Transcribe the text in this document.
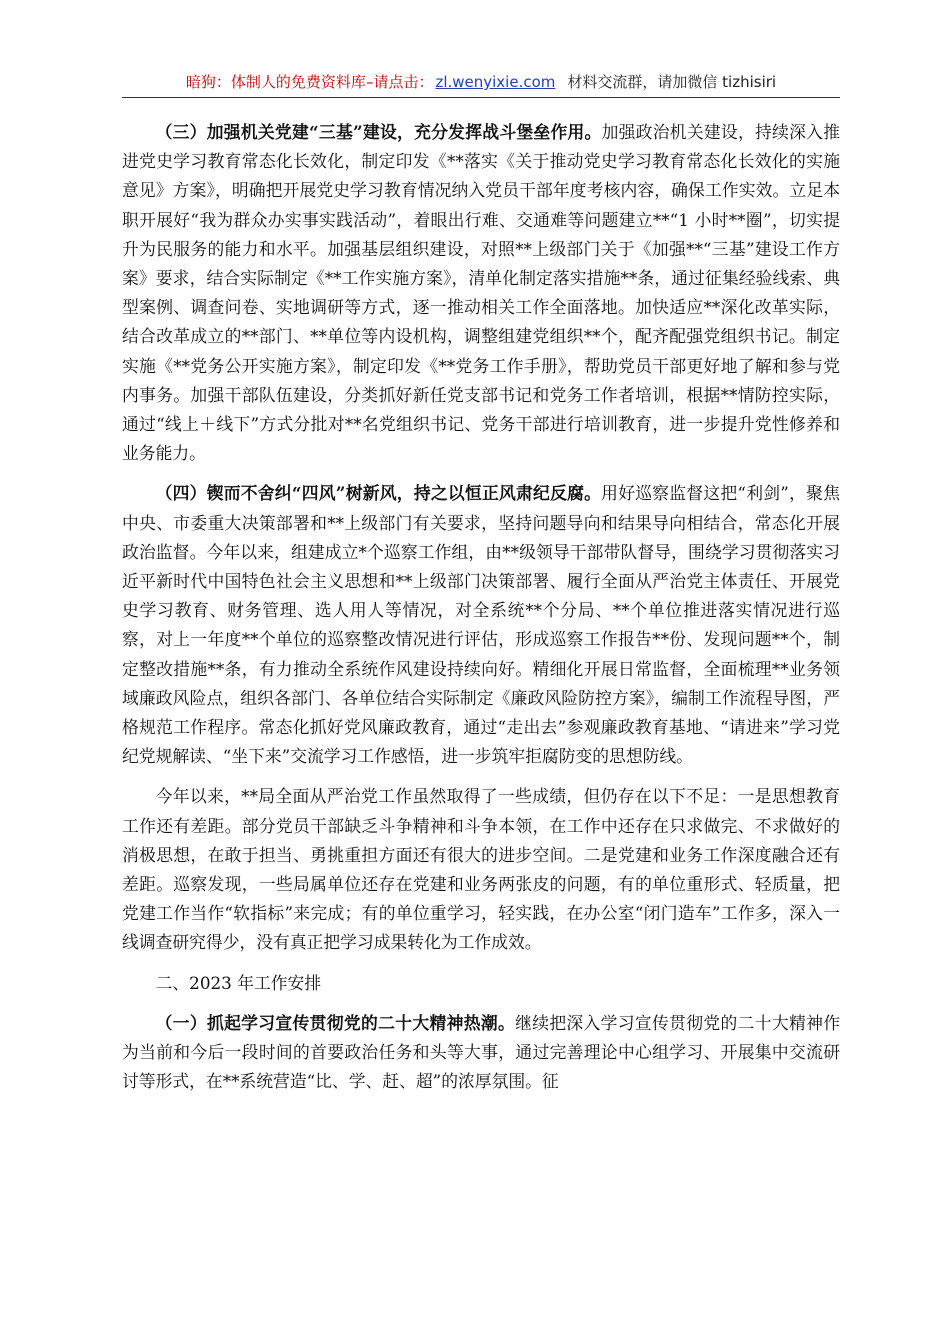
暗狗：体制人的免费资料库–请点击： zl.wenyixie.com 材料交流群，请加微信 tizhisiri

（三）加强机关党建“三基”建设，充分发挥战斗堡垒作用。加强政治机关建设，持续深入推进党史学习教育常态化长效化，制定印发《**落实《关于推动党史学习教育常态化长效化的实施意见》方案》，明确把开展党史学习教育情况纳入党员干部年度考核内容，确保工作实效。立足本职开展好“我为群众办实事实践活动”，着眼出行难、交通难等问题建立**“1 小时**圈”，切实提升为民服务的能力和水平。加强基层组织建设，对照**上级部门关于《加强**“三基”建设工作方案》要求，结合实际制定《**工作实施方案》，清单化制定落实措施**条，通过征集经验线索、典型案例、调查问卷、实地调研等方式，逐一推动相关工作全面落地。加快适应**深化改革实际，结合改革成立的**部门、**单位等内设机构，调整组建党组织**个，配齐配强党组织书记。制定实施《**党务公开实施方案》，制定印发《**党务工作手册》，帮助党员干部更好地了解和参与党内事务。加强干部队伍建设，分类抓好新任党支部书记和党务工作者培训，根据**情防控实际，通过“线上＋线下”方式分批对**名党组织书记、党务干部进行培训教育，进一步提升党性修养和业务能力。

（四）锲而不舍纠“四风”树新风，持之以恒正风肃纪反腐。用好巡察监督这把“利剑”，聚焦中央、市委重大决策部署和**上级部门有关要求，坚持问题导向和结果导向相结合，常态化开展政治监督。今年以来，组建成立*个巡察工作组，由**级领导干部带队督导，围绕学习贯彻落实习近平新时代中国特色社会主义思想和**上级部门决策部署、履行全面从严治党主体责任、开展党史学习教育、财务管理、选人用人等情况，对全系统**个分局、**个单位推进落实情况进行巡察，对上一年度**个单位的巡察整改情况进行评估，形成巡察工作报告**份、发现问题**个，制定整改措施**条，有力推动全系统作风建设持续向好。精细化开展日常监督，全面梳理**业务领域廉政风险点，组织各部门、各单位结合实际制定《廉政风险防控方案》，编制工作流程导图，严格规范工作程序。常态化抓好党风廉政教育，通过“走出去”参观廉政教育基地、“请进来”学习党纪党规解读、“坐下来”交流学习工作感悟，进一步筑牢拒腐防变的思想防线。

今年以来，**局全面从严治党工作虽然取得了一些成绩，但仍存在以下不足：一是思想教育工作还有差距。部分党员干部缺乏斗争精神和斗争本领，在工作中还存在只求做完、不求做好的消极思想，在敢于担当、勇挑重担方面还有很大的进步空间。二是党建和业务工作深度融合还有差距。巡察发现，一些局属单位还存在党建和业务两张皮的问题，有的单位重形式、轻质量，把党建工作当作“软指标”来完成；有的单位重学习，轻实践，在办公室“闭门造车”工作多，深入一线调查研究得少，没有真正把学习成果转化为工作成效。

二、2023 年工作安排

（一）抓起学习宣传贯彻党的二十大精神热潮。继续把深入学习宣传贯彻党的二十大精神作为当前和今后一段时间的首要政治任务和头等大事，通过完善理论中心组学习、开展集中交流研讨等形式，在**系统营造“比、学、赶、超”的浓厚氛围。征
